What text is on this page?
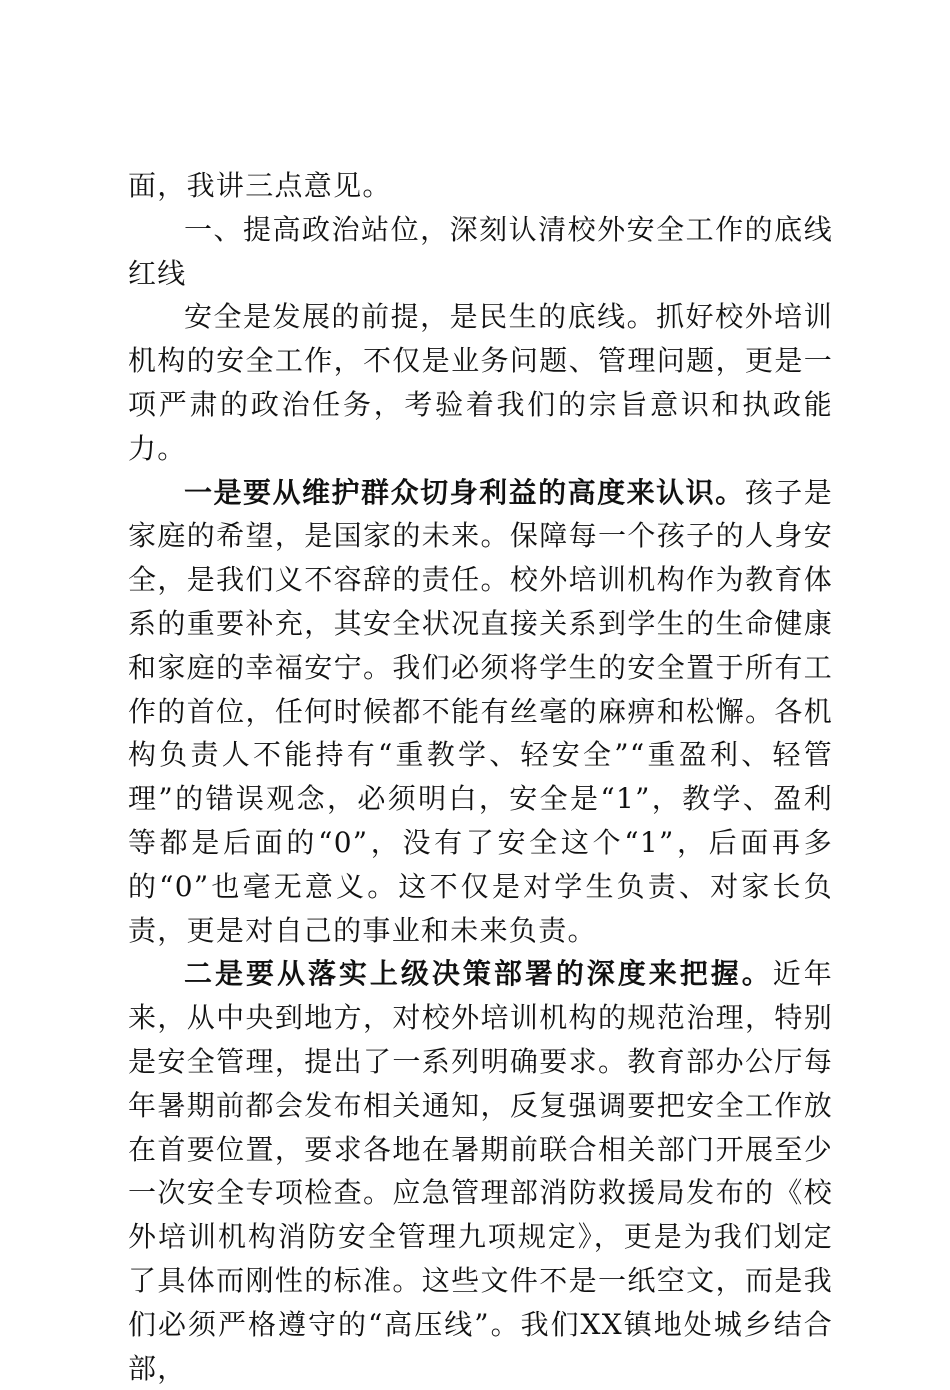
面，我讲三点意见。

一、提高政治站位，深刻认清校外安全工作的底线红线

安全是发展的前提，是民生的底线。抓好校外培训机构的安全工作，不仅是业务问题、管理问题，更是一项严肃的政治任务，考验着我们的宗旨意识和执政能力。

一是要从维护群众切身利益的高度来认识。孩子是家庭的希望，是国家的未来。保障每一个孩子的人身安全，是我们义不容辞的责任。校外培训机构作为教育体系的重要补充，其安全状况直接关系到学生的生命健康和家庭的幸福安宁。我们必须将学生的安全置于所有工作的首位，任何时候都不能有丝毫的麻痹和松懈。各机构负责人不能持有“重教学、轻安全”“重盈利、轻管理”的错误观念，必须明白，安全是“1”，教学、盈利等都是后面的“0”，没有了安全这个“1”，后面再多的“0”也毫无意义。这不仅是对学生负责、对家长负责，更是对自己的事业和未来负责。

二是要从落实上级决策部署的深度来把握。近年来，从中央到地方，对校外培训机构的规范治理，特别是安全管理，提出了一系列明确要求。教育部办公厅每年暑期前都会发布相关通知，反复强调要把安全工作放在首要位置，要求各地在暑期前联合相关部门开展至少一次安全专项检查。应急管理部消防救援局发布的《校外培训机构消防安全管理九项规定》，更是为我们划定了具体而刚性的标准。这些文件不是一纸空文，而是我们必须严格遵守的“高压线”。我们XX镇地处城乡结合部，
